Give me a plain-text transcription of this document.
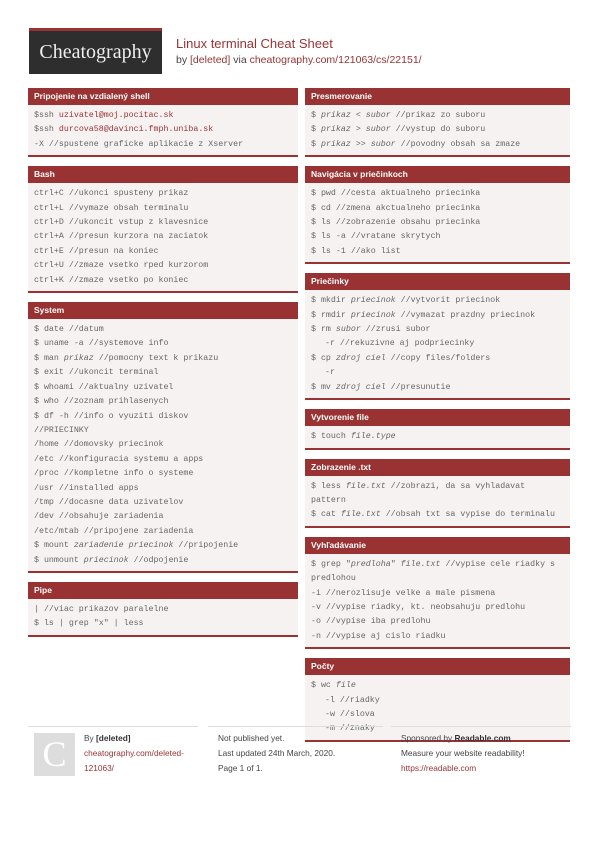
Cheatography Linux terminal Cheat Sheet
by [deleted] via cheatography.com/121063/cs/22151/
Pripojenie na vzdialený shell
$ssh uzivatel@moj.pocitac.sk
$ssh durcova58@davinci.fmph.uniba.sk
-X //spustene graficke aplikacie z Xserver
Bash
ctrl+C //ukonci spusteny prikaz
ctrl+L //vymaze obsah terminalu
ctrl+D //ukoncit vstup z klavesnice
ctrl+A //presun kurzora na zaciatok
ctrl+E //presun na koniec
ctrl+U //zmaze vsetko rped kurzorom
ctrl+K //zmaze vsetko po koniec
System
$ date //datum
$ uname -a //systemove info
$ man prikaz //pomocny text k prikazu
$ exit //ukoncit terminal
$ whoami //aktualny uzivatel
$ who //zoznam prihlasenych
$ df -h //info o vyuziti diskov
//PRIECINKY
/home //domovsky priecinok
/etc //konfiguracia systemu a apps
/proc //kompletne info o systeme
/usr //installed apps
/tmp //docasne data uzivatelov
/dev //obsahuje zariadenia
/etc/mtab //pripojene zariadenia
$ mount zariadenie priecinok //pripojenie
$ unmount priecinok //odpojenie
Pipe
| //viac prikazov paralelne
$ ls | grep "x" | less
Presmerovanie
$ prikaz < subor //prikaz zo suboru
$ prikaz > subor //vystup do suboru
$ prikaz >> subor //povodny obsah sa zmaze
Navigácia v priečinkoch
$ pwd //cesta aktualneho priecinka
$ cd //zmena akctualneho priecinka
$ ls //zobrazenie obsahu priecinka
$ ls -a //vratane skrytych
$ ls -1 //ako list
Priečinky
$ mkdir priecinok //vytvorit priecinok
$ rmdir priecinok //vymazat prazdny priecinok
$ rm subor //zrusi subor
-r //rekuzivne aj podpriecinky
$ cp zdroj ciel //copy files/folders
-r
$ mv zdroj ciel //presunutie
Vytvorenie file
$ touch file.type
Zobrazenie .txt
$ less file.txt //zobrazi, da sa vyhladavat pattern
$ cat file.txt //obsah txt sa vypise do terminalu
Vyhľadávanie
$ grep "predloha" file.txt //vypise cele riadky s predlohou
-i //nerozlisuje velke a male pismena
-v //vypise riadky, kt. neobsahuju predlohu
-o //vypise iba predlohu
-n //vypise aj cislo riadku
Počty
$ wc file
-l //riadky
-w //slova
-m //znaky
C	By [deleted]
cheatography.com/deleted-
121063/
Not published yet.
Last updated 24th March, 2020.
Page 1 of 1.
Sponsored by Readable.com
Measure your website readability!
https://readable.com
